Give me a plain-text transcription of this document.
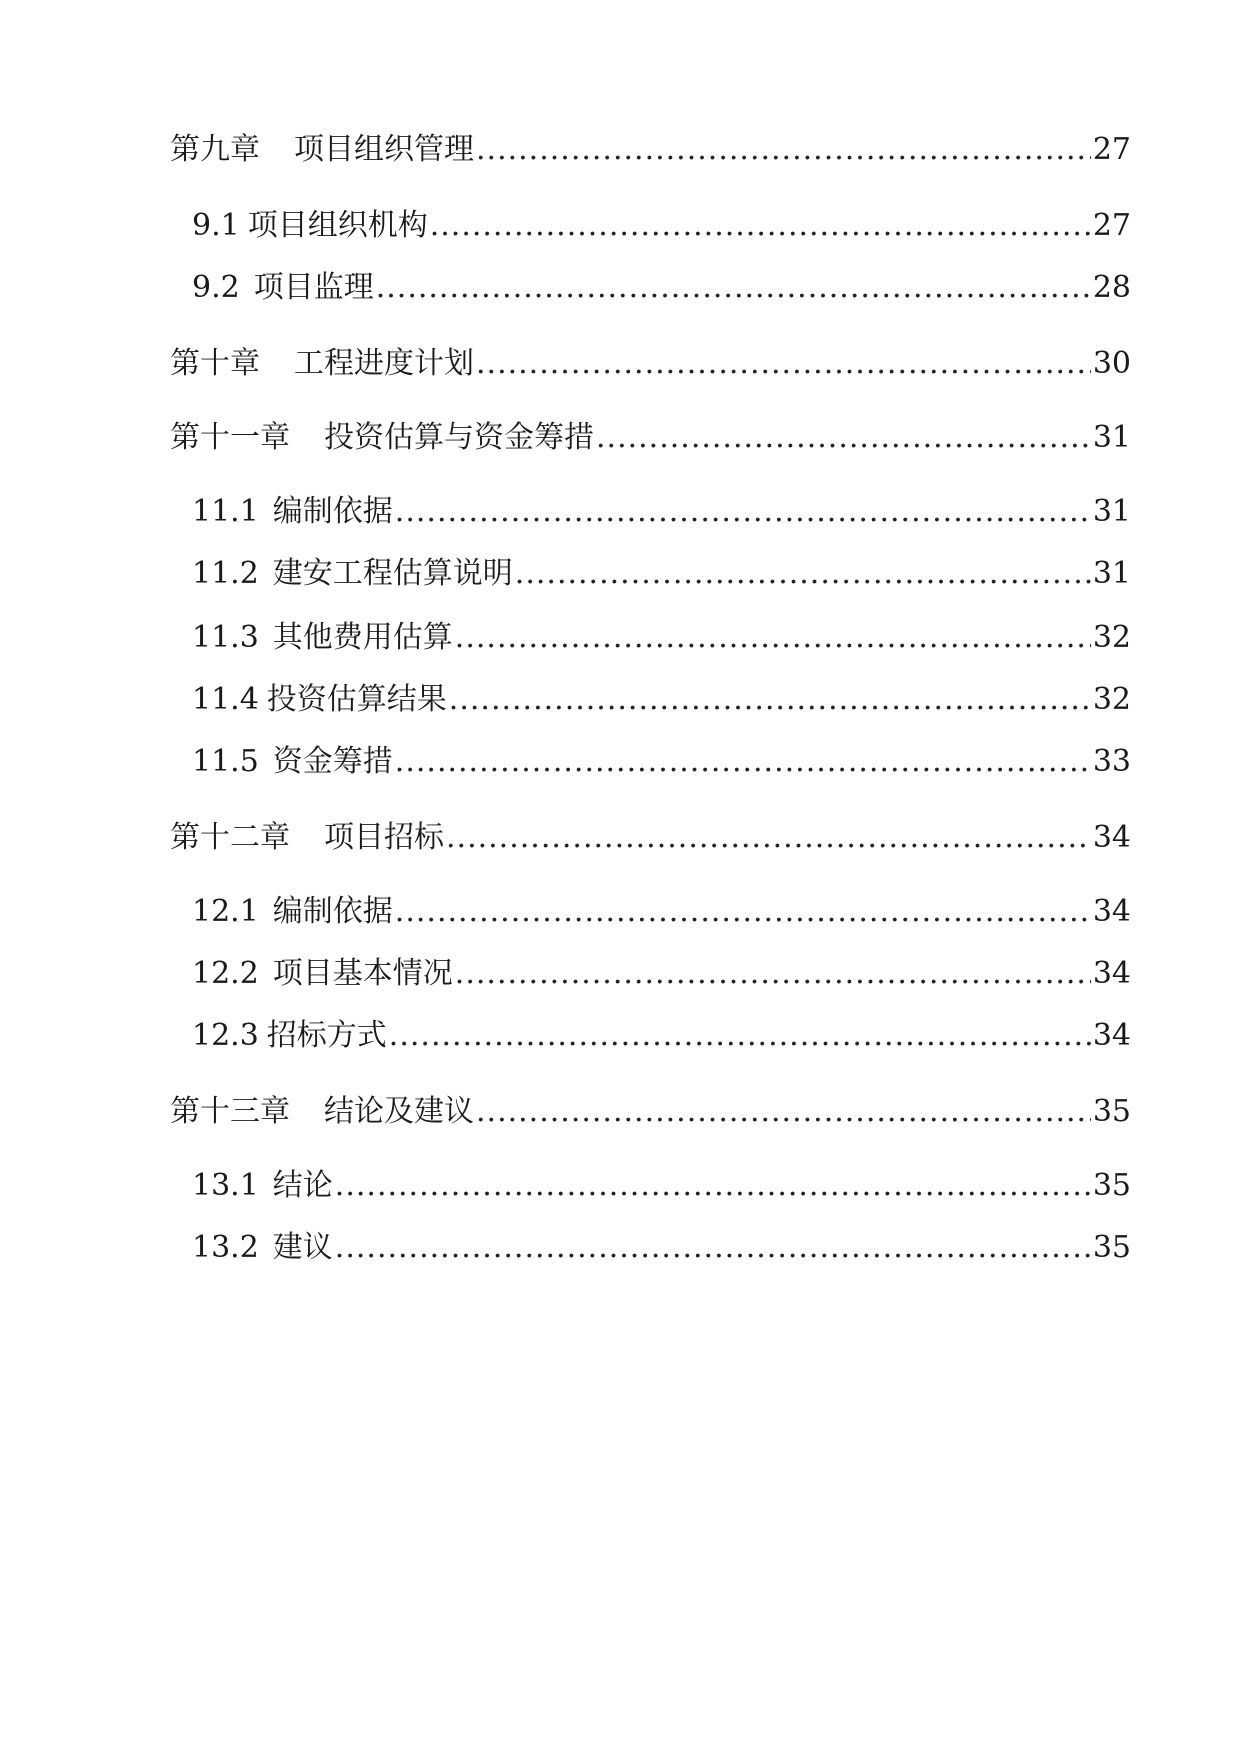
第九章 项目组织管理 .....	27
9.1 项目组织机构 .....	27
9.2 项目监理 .....	28
第十章 工程进度计划 .....	30
第十一章 投资估算与资金筹措 .....	31
11.1 编制依据 .....	31
11.2 建安工程估算说明 .....	31
11.3 其他费用估算 .....	32
11.4 投资估算结果 .....	32
11.5 资金筹措 .....	33
第十二章 项目招标 .....	34
12.1 编制依据 .....	34
12.2 项目基本情况 .....	34
12.3 招标方式 .....	34
第十三章 结论及建议 .....	35
13.1 结论 .....	35
13.2 建议 .....	35
